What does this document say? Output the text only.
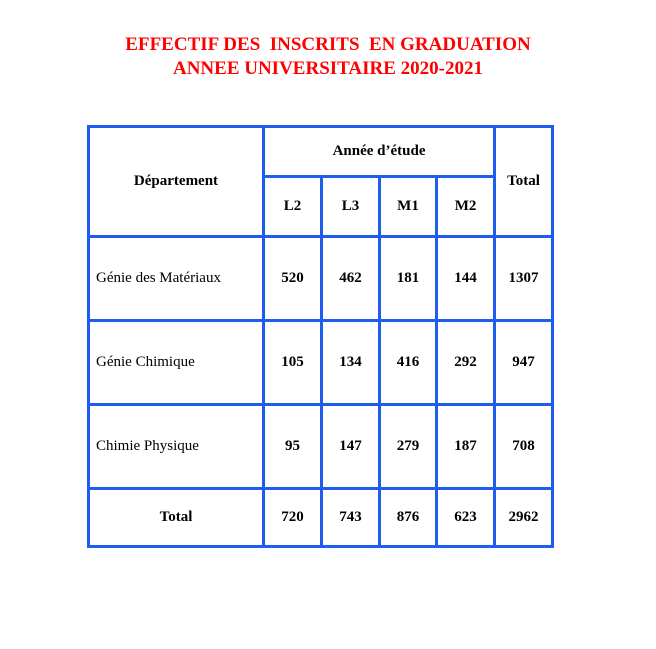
EFFECTIF DES  INSCRITS  EN GRADUATION
ANNEE UNIVERSITAIRE 2020-2021
Département	Année d’étude				Total
	L2	L3	M1	M2	
Génie des Matériaux	520	462	181	144	1307
Génie Chimique	105	134	416	292	947
Chimie Physique	95	147	279	187	708
Total	720	743	876	623	2962
